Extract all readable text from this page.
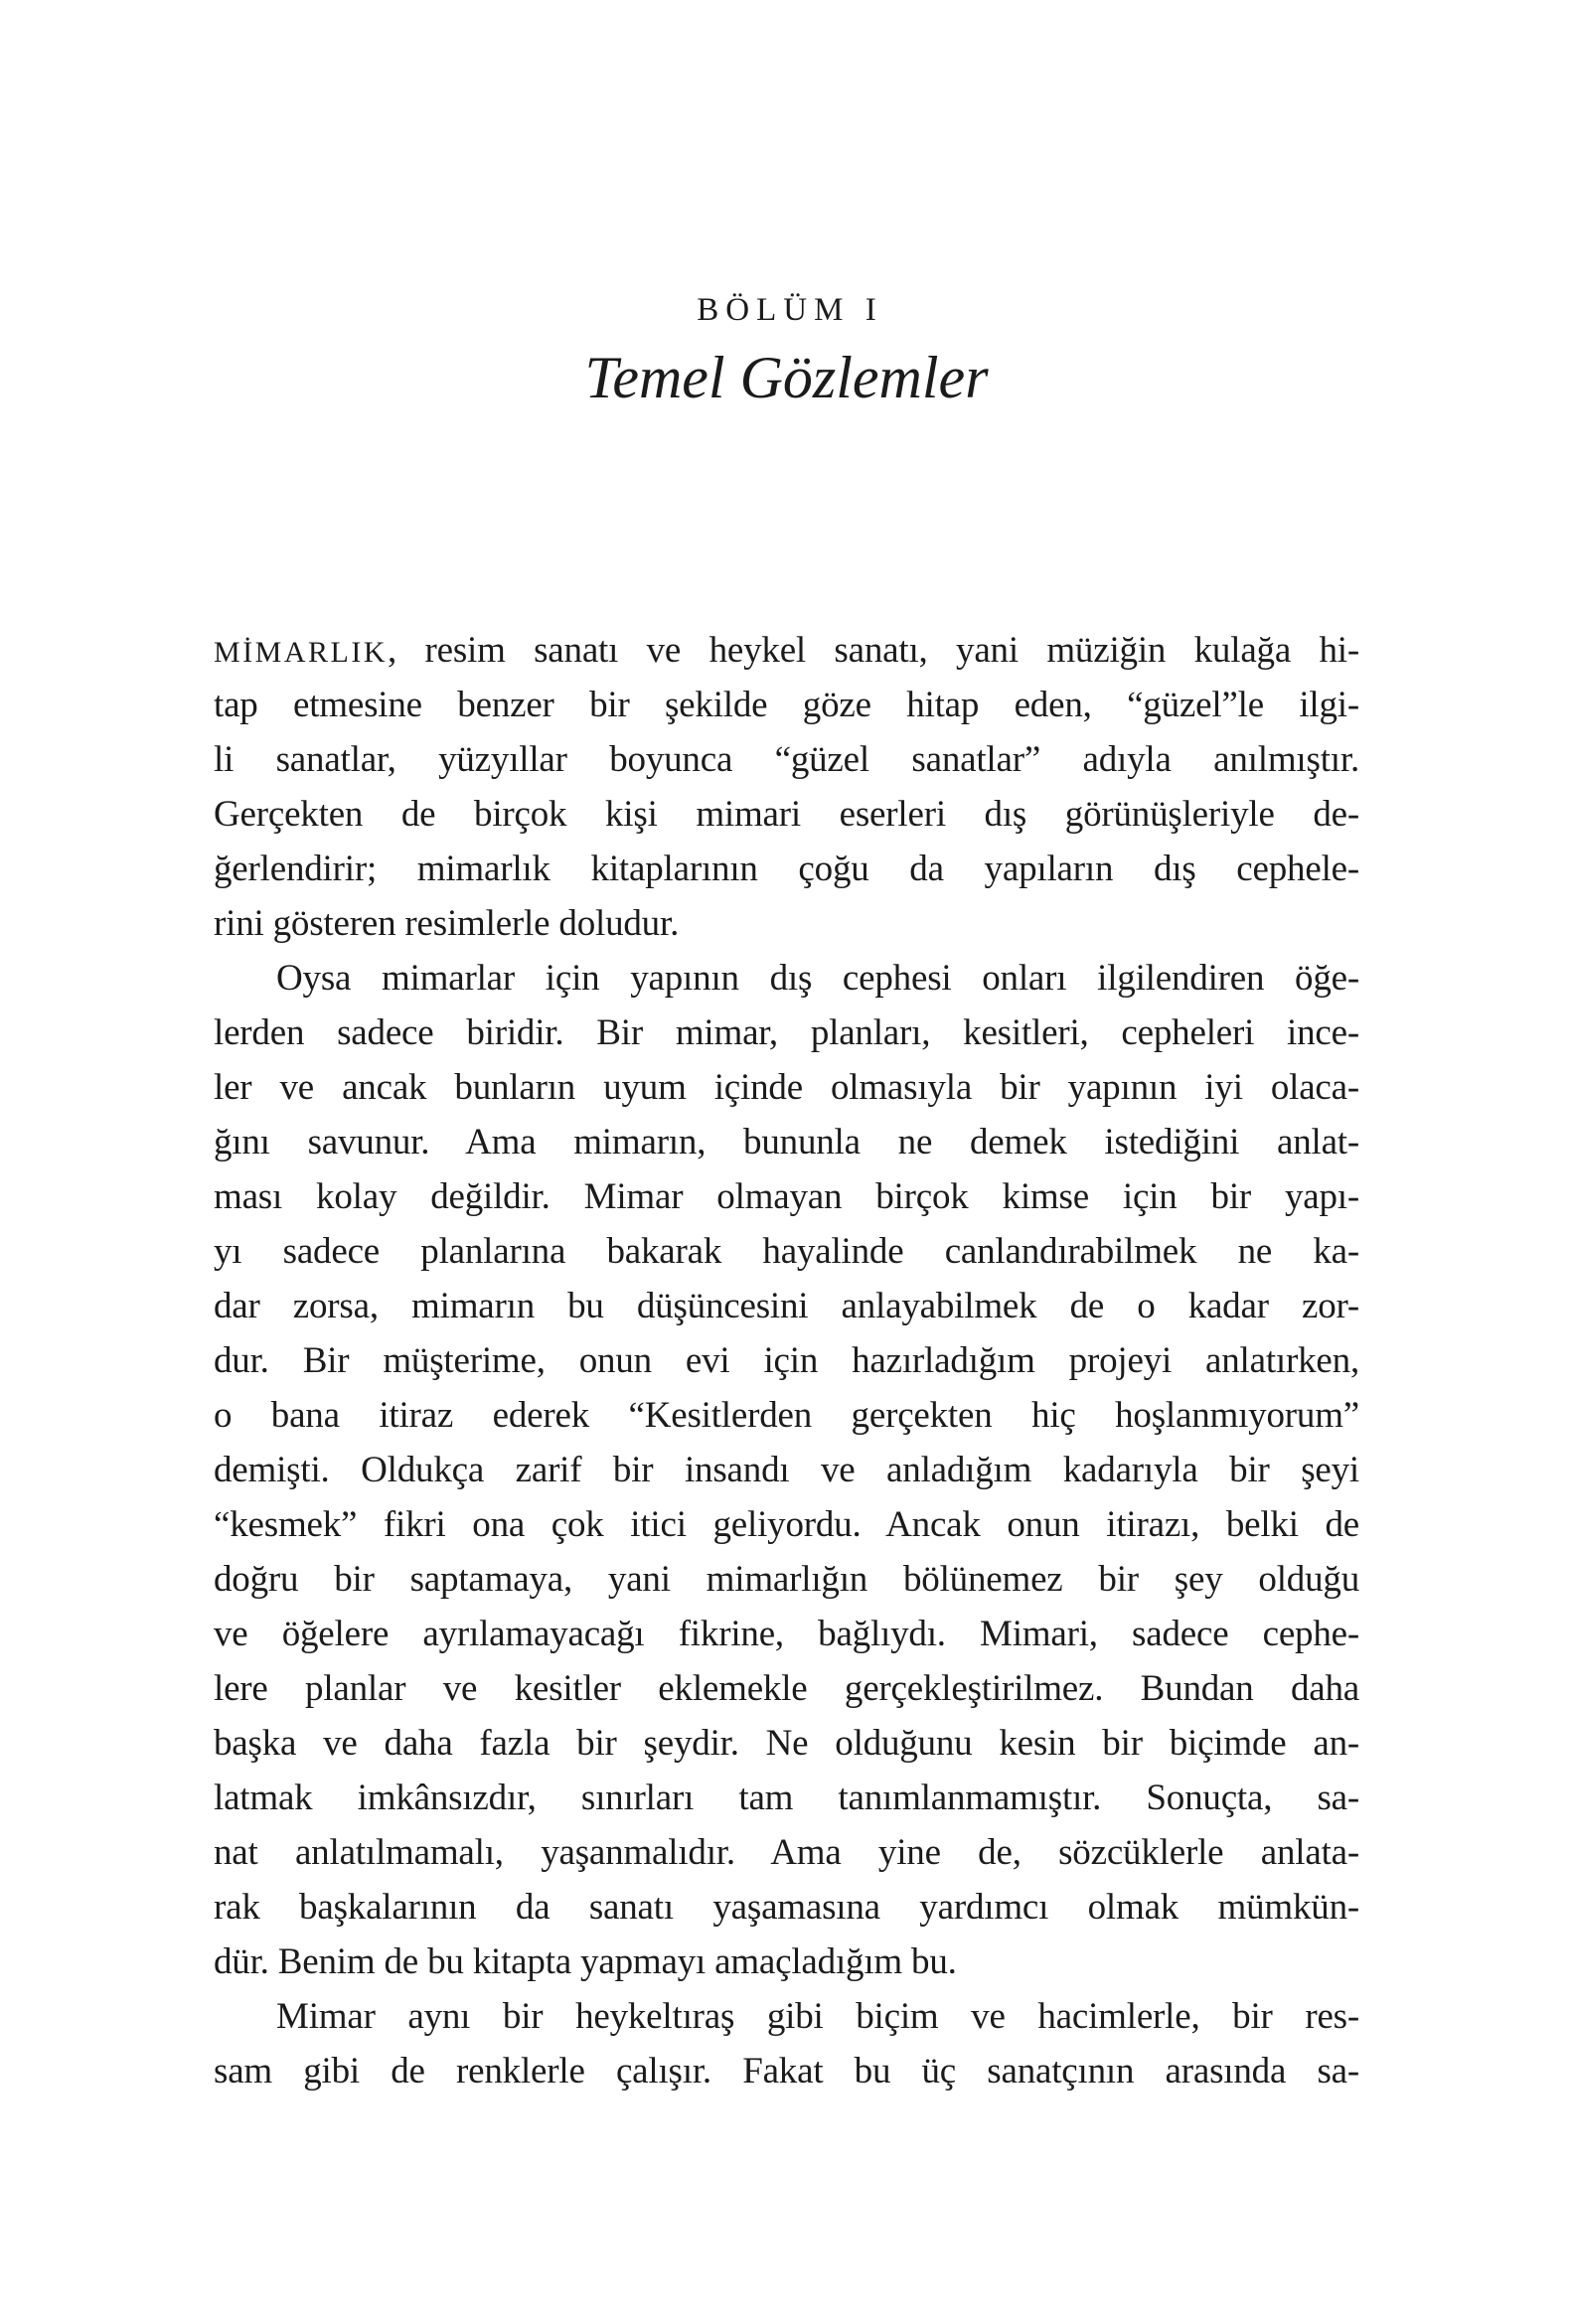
BÖLÜM I
Temel Gözlemler
MİMARLIK, resim sanatı ve heykel sanatı, yani müziğin kulağa hi-
tap etmesine benzer bir şekilde göze hitap eden, “güzel”le ilgi-
li sanatlar, yüzyıllar boyunca “güzel sanatlar” adıyla anılmıştır.
Gerçekten de birçok kişi mimari eserleri dış görünüşleriyle de-
ğerlendirir; mimarlık kitaplarının çoğu da yapıların dış cephele-
rini gösteren resimlerle doludur.
Oysa mimarlar için yapının dış cephesi onları ilgilendiren öğe-
lerden sadece biridir. Bir mimar, planları, kesitleri, cepheleri ince-
ler ve ancak bunların uyum içinde olmasıyla bir yapının iyi olaca-
ğını savunur. Ama mimarın, bununla ne demek istediğini anlat-
ması kolay değildir. Mimar olmayan birçok kimse için bir yapı-
yı sadece planlarına bakarak hayalinde canlandırabilmek ne ka-
dar zorsa, mimarın bu düşüncesini anlayabilmek de o kadar zor-
dur. Bir müşterime, onun evi için hazırladığım projeyi anlatırken,
o bana itiraz ederek “Kesitlerden gerçekten hiç hoşlanmıyorum”
demişti. Oldukça zarif bir insandı ve anladığım kadarıyla bir şeyi
“kesmek” fikri ona çok itici geliyordu. Ancak onun itirazı, belki de
doğru bir saptamaya, yani mimarlığın bölünemez bir şey olduğu
ve öğelere ayrılamayacağı fikrine, bağlıydı. Mimari, sadece cephe-
lere planlar ve kesitler eklemekle gerçekleştirilmez. Bundan daha
başka ve daha fazla bir şeydir. Ne olduğunu kesin bir biçimde an-
latmak imkânsızdır, sınırları tam tanımlanmamıştır. Sonuçta, sa-
nat anlatılmamalı, yaşanmalıdır. Ama yine de, sözcüklerle anlata-
rak başkalarının da sanatı yaşamasına yardımcı olmak mümkün-
dür. Benim de bu kitapta yapmayı amaçladığım bu.
Mimar aynı bir heykeltıraş gibi biçim ve hacimlerle, bir res-
sam gibi de renklerle çalışır. Fakat bu üç sanatçının arasında sa-
